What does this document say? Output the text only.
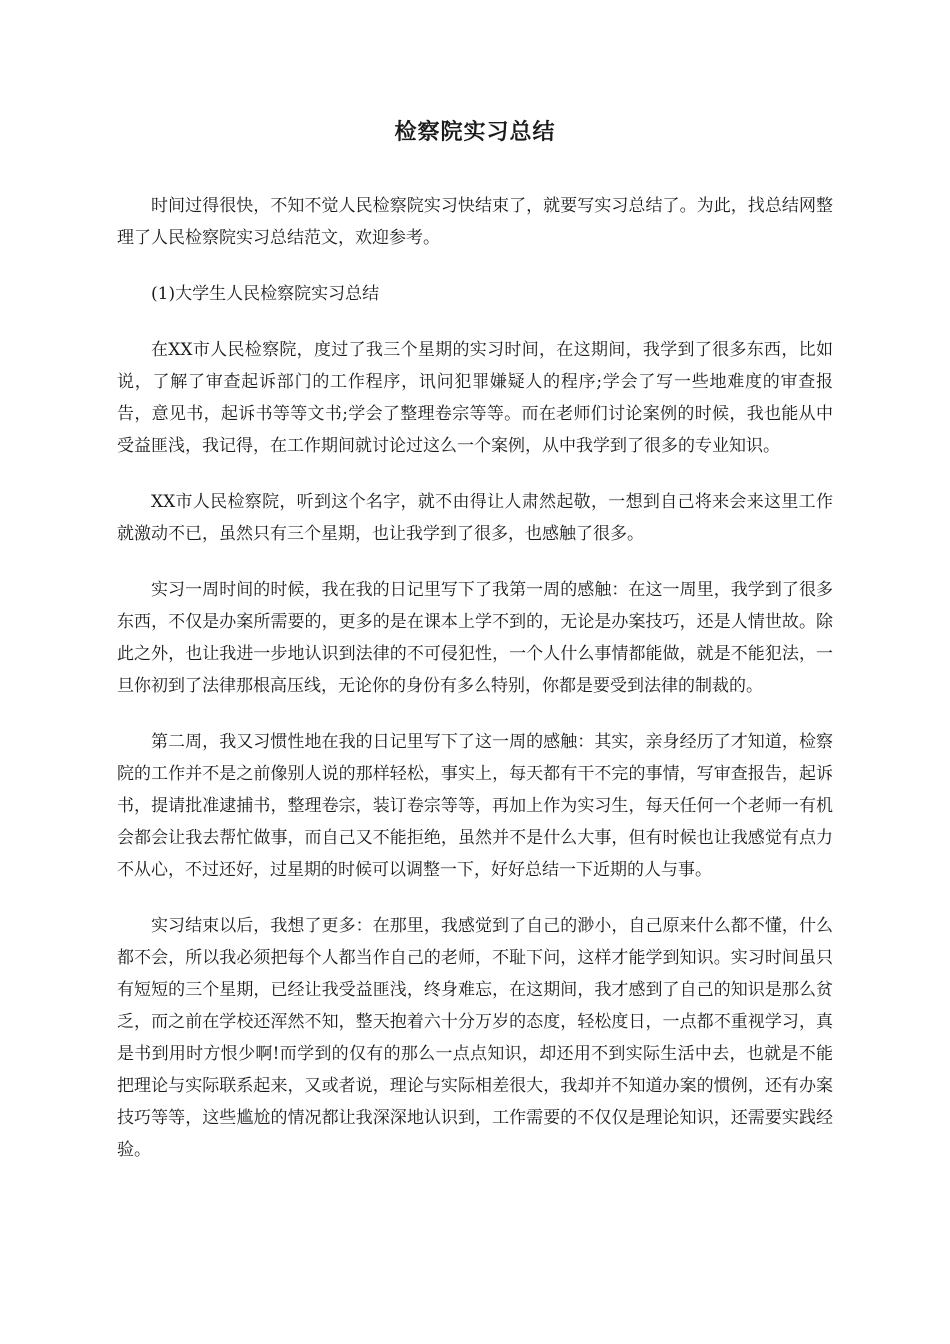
检察院实习总结

时间过得很快，不知不觉人民检察院实习快结束了，就要写实习总结了。为此，找总结网整理了人民检察院实习总结范文，欢迎参考。

(1)大学生人民检察院实习总结

在XX市人民检察院，度过了我三个星期的实习时间，在这期间，我学到了很多东西，比如说，了解了审查起诉部门的工作程序，讯问犯罪嫌疑人的程序;学会了写一些地难度的审查报告，意见书，起诉书等等文书;学会了整理卷宗等等。而在老师们讨论案例的时候，我也能从中受益匪浅，我记得，在工作期间就讨论过这么一个案例，从中我学到了很多的专业知识。

XX市人民检察院，听到这个名字，就不由得让人肃然起敬，一想到自己将来会来这里工作就激动不已，虽然只有三个星期，也让我学到了很多，也感触了很多。

实习一周时间的时候，我在我的日记里写下了我第一周的感触：在这一周里，我学到了很多东西，不仅是办案所需要的，更多的是在课本上学不到的，无论是办案技巧，还是人情世故。除此之外，也让我进一步地认识到法律的不可侵犯性，一个人什么事情都能做，就是不能犯法，一旦你初到了法律那根高压线，无论你的身份有多么特别，你都是要受到法律的制裁的。

第二周，我又习惯性地在我的日记里写下了这一周的感触：其实，亲身经历了才知道，检察院的工作并不是之前像别人说的那样轻松，事实上，每天都有干不完的事情，写审查报告，起诉书，提请批准逮捕书，整理卷宗，装订卷宗等等，再加上作为实习生，每天任何一个老师一有机会都会让我去帮忙做事，而自己又不能拒绝，虽然并不是什么大事，但有时候也让我感觉有点力不从心，不过还好，过星期的时候可以调整一下，好好总结一下近期的人与事。

实习结束以后，我想了更多：在那里，我感觉到了自己的渺小，自己原来什么都不懂，什么都不会，所以我必须把每个人都当作自己的老师，不耻下问，这样才能学到知识。实习时间虽只有短短的三个星期，已经让我受益匪浅，终身难忘，在这期间，我才感到了自己的知识是那么贫乏，而之前在学校还浑然不知，整天抱着六十分万岁的态度，轻松度日，一点都不重视学习，真是书到用时方恨少啊!而学到的仅有的那么一点点知识，却还用不到实际生活中去，也就是不能把理论与实际联系起来，又或者说，理论与实际相差很大，我却并不知道办案的惯例，还有办案技巧等等，这些尴尬的情况都让我深深地认识到，工作需要的不仅仅是理论知识，还需要实践经验。
